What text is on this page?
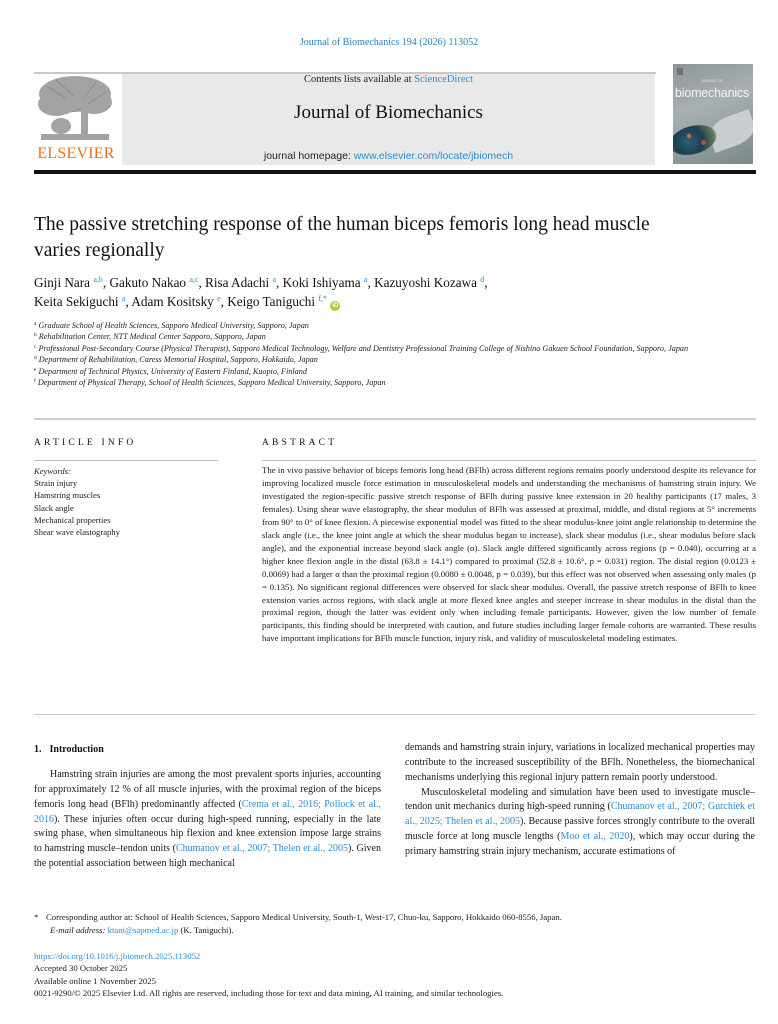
Journal of Biomechanics 194 (2026) 113052
ELSEVIER
Contents lists available at ScienceDirect
Journal of Biomechanics
journal homepage: www.elsevier.com/locate/jbiomech
JOURNAL OF
biomechanics
The passive stretching response of the human biceps femoris long head muscle varies regionally
Ginji Nara $^{a,b}$, Gakuto Nakao $^{a,c}$, Risa Adachi $^a$, Koki Ishiyama $^a$, Kazuyoshi Kozawa $^d$,
Keita Sekiguchi $^a$, Adam Kositsky $^e$, Keigo Taniguchi $^{f,*}$ iD
$^a$ Graduate School of Health Sciences, Sapporo Medical University, Sapporo, Japan
$^b$ Rehabilitation Center, NTT Medical Center Sapporo, Sapporo, Japan
$^c$ Professional Post-Secondary Course (Physical Therapist), Sapporo Medical Technology, Welfare and Dentistry Professional Training College of Nishino Gakuen School Foundation, Sapporo, Japan
$^d$ Department of Rehabilitation, Caress Memorial Hospital, Sapporo, Hokkaido, Japan
$^e$ Department of Technical Physics, University of Eastern Finland, Kuopio, Finland
$^f$ Department of Physical Therapy, School of Health Sciences, Sapporo Medical University, Sapporo, Japan
ARTICLE INFO	ABSTRACT
Keywords:
Strain injury
Hamstring muscles
Slack angle
Mechanical properties
Shear wave elastography

The in vivo passive behavior of biceps femoris long head (BFlh) across different regions remains poorly understood despite its relevance for improving localized muscle force estimation in musculoskeletal models and understanding the mechanisms of hamstring strain injury. We investigated the region-specific passive stretch response of BFlh during passive knee extension in 20 healthy participants (17 males, 3 females). Using shear wave elastography, the shear modulus of BFlh was assessed at proximal, middle, and distal regions at 5° increments from 90° to 0° of knee flexion. A piecewise exponential model was fitted to the shear modulus-knee joint angle relationship to determine the slack angle (i.e., the knee joint angle at which the shear modulus began to increase), slack shear modulus (i.e., shear modulus before slack angle), and the exponential increase beyond slack angle (α). Slack angle differed significantly across regions (p = 0.040), occurring at a higher knee flexion angle in the distal (63.8 ± 14.1°) compared to proximal (52.8 ± 10.6°, p = 0.031) region. The distal region (0.0123 ± 0.0069) had a larger α than the proximal region (0.0080 ± 0.0048, p = 0.039), but this effect was not observed when assessing only males (p = 0.135). No significant regional differences were observed for slack shear modulus. Overall, the passive stretch response of BFlh to knee extension varies across regions, with slack angle at more flexed knee angles and steeper increase in shear modulus in the distal than the proximal region, though the latter was evident only when including female participants. However, given the low number of female participants, this finding should be interpreted with caution, and future studies including larger female cohorts are warranted. These results have important implications for BFlh muscle function, injury risk, and validity of musculoskeletal modeling estimates.

1. Introduction

Hamstring strain injuries are among the most prevalent sports injuries, accounting for approximately 12 % of all muscle injuries, with the proximal region of the biceps femoris long head (BFlh) predominantly affected (Crema et al., 2016; Pollock et al., 2016). These injuries often occur during high-speed running, especially in the late swing phase, when simultaneous hip flexion and knee extension impose large strains to hamstring muscle–tendon units (Chumanov et al., 2007; Thelen et al., 2005). Given the potential association between high mechanical

demands and hamstring strain injury, variations in localized mechanical properties may contribute to the increased susceptibility of the BFlh. Nonetheless, the biomechanical mechanisms underlying this regional injury pattern remain poorly understood.

Musculoskeletal modeling and simulation have been used to investigate muscle–tendon unit mechanics during high-speed running (Chumanov et al., 2007; Gurchiek et al., 2025; Thelen et al., 2005). Because passive forces strongly contribute to the overall muscle force at long muscle lengths (Moo et al., 2020), which may occur during the primary hamstring strain injury mechanism, accurate estimations of

* Corresponding author at: School of Health Sciences, Sapporo Medical University, South-1, West-17, Chuo-ku, Sapporo, Hokkaido 060-8556, Japan.
E-mail address: ktani@sapmed.ac.jp (K. Taniguchi).
https://doi.org/10.1016/j.jbiomech.2025.113052
Accepted 30 October 2025
Available online 1 November 2025
0021-9290/© 2025 Elsevier Ltd. All rights are reserved, including those for text and data mining, AI training, and similar technologies.
